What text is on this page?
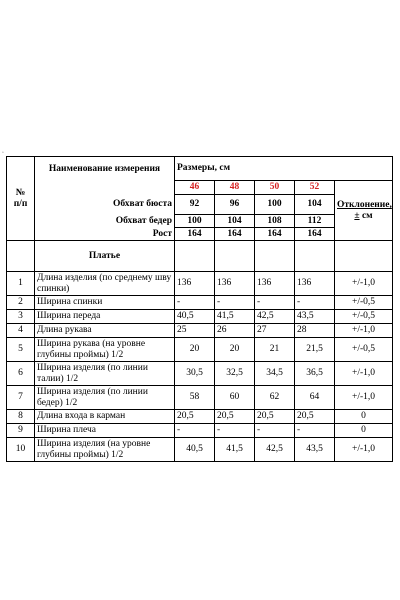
o
№
п/п	Наименование измерения	Размеры, см				
		46	48	50	52	Отклонение,
± см
	Обхват бюста	92	96	100	104	
	Обхват бедер	100	104	108	112	
	Рост	164	164	164	164	
	Платье					
1	Длина изделия (по среднему шву спинки)	136	136	136	136	+/-1,0
2	Ширина спинки	-	-	-	-	+/-0,5
3	Ширина переда	40,5	41,5	42,5	43,5	+/-0,5
4	Длина рукава	25	26	27	28	+/-1,0
5	Ширина рукава (на уровне глубины проймы) 1/2	20	20	21	21,5	+/-0,5
6	Ширина изделия (по линии талии) 1/2	30,5	32,5	34,5	36,5	+/-1,0
7	Ширина изделия (по линии бедер) 1/2	58	60	62	64	+/-1,0
8	Длина входа в карман	20,5	20,5	20,5	20,5	0
9	Ширина плеча	-	-	-	-	0
10	Ширина изделия (на уровне глубины проймы) 1/2	40,5	41,5	42,5	43,5	+/-1,0
